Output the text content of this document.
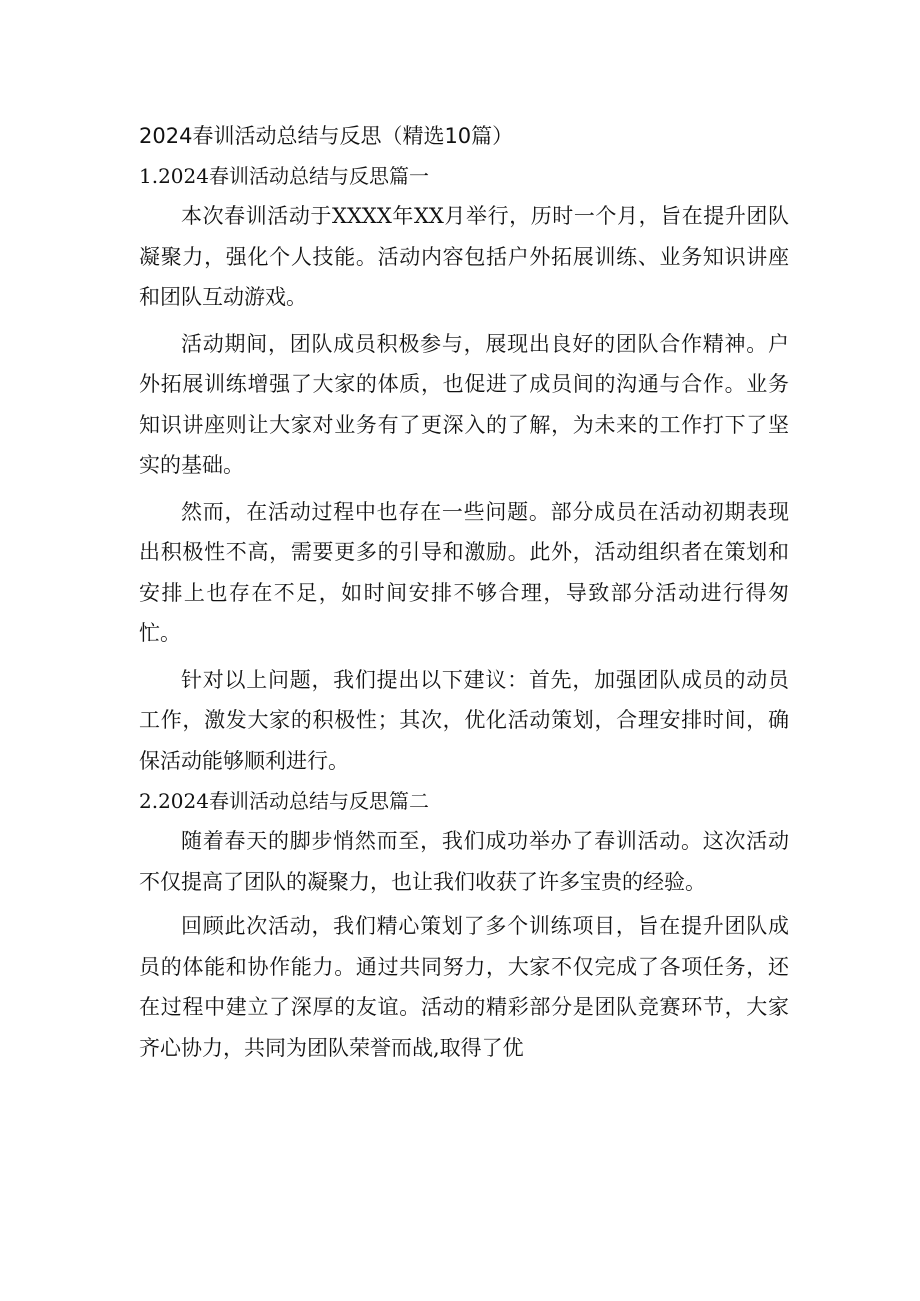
2024春训活动总结与反思（精选10篇）
1.2024春训活动总结与反思篇一

本次春训活动于XXXX年XX月举行，历时一个月，旨在提升团队凝聚力，强化个人技能。活动内容包括户外拓展训练、业务知识讲座和团队互动游戏。

活动期间，团队成员积极参与，展现出良好的团队合作精神。户外拓展训练增强了大家的体质，也促进了成员间的沟通与合作。业务知识讲座则让大家对业务有了更深入的了解，为未来的工作打下了坚实的基础。

然而，在活动过程中也存在一些问题。部分成员在活动初期表现出积极性不高，需要更多的引导和激励。此外，活动组织者在策划和安排上也存在不足，如时间安排不够合理，导致部分活动进行得匆忙。

针对以上问题，我们提出以下建议：首先，加强团队成员的动员工作，激发大家的积极性；其次，优化活动策划，合理安排时间，确保活动能够顺利进行。

2.2024春训活动总结与反思篇二

随着春天的脚步悄然而至，我们成功举办了春训活动。这次活动不仅提高了团队的凝聚力，也让我们收获了许多宝贵的经验。

回顾此次活动，我们精心策划了多个训练项目，旨在提升团队成员的体能和协作能力。通过共同努力，大家不仅完成了各项任务，还在过程中建立了深厚的友谊。活动的精彩部分是团队竞赛环节，大家齐心协力，共同为团队荣誉而战,取得了优
